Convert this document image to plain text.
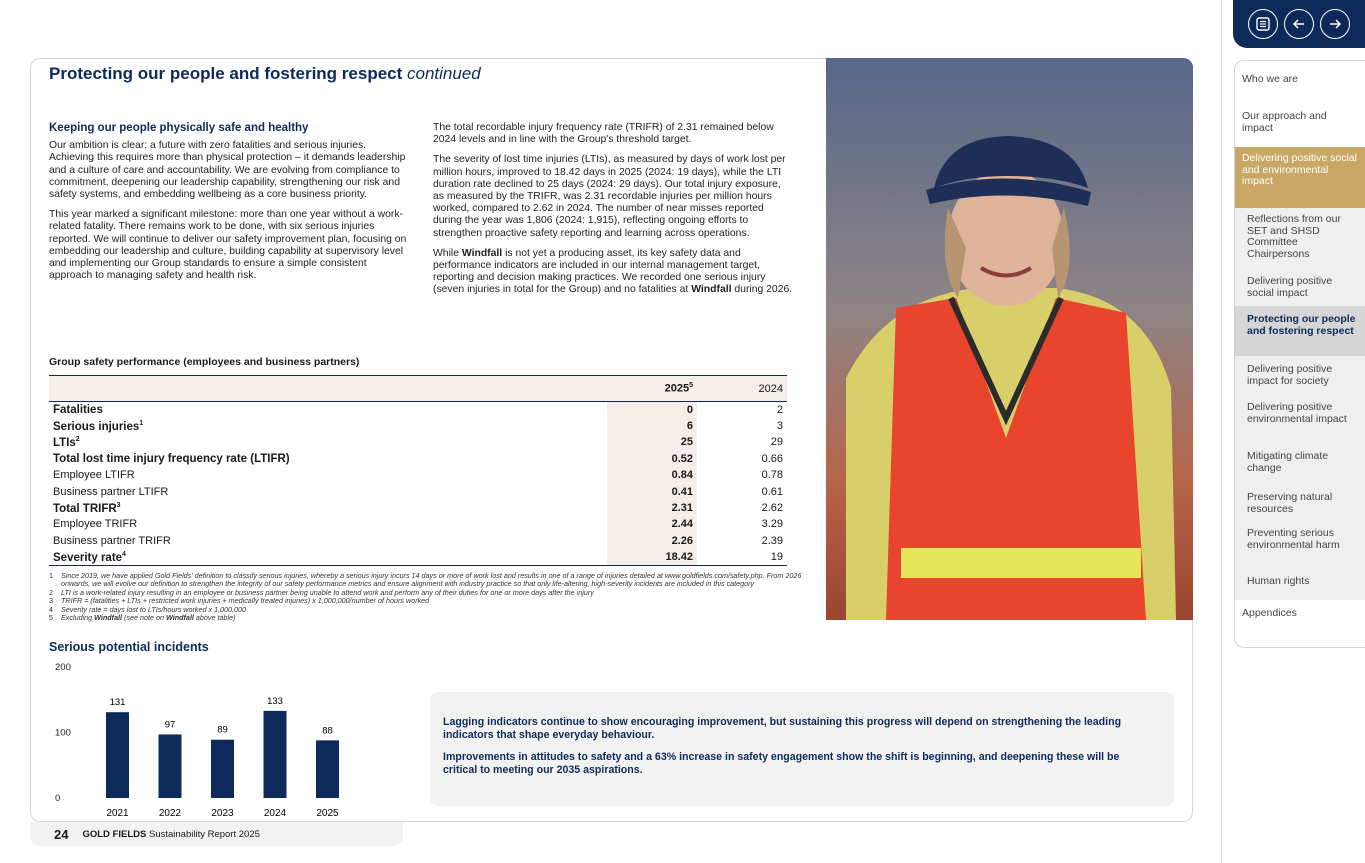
Protecting our people and fostering respect continued
Keeping our people physically safe and healthy

Our ambition is clear: a future with zero fatalities and serious injuries. Achieving this requires more than physical protection – it demands leadership and a culture of care and accountability. We are evolving from compliance to commitment, deepening our leadership capability, strengthening our risk and safety systems, and embedding wellbeing as a core business priority.

This year marked a significant milestone: more than one year without a work-related fatality. There remains work to be done, with six serious injuries reported. We will continue to deliver our safety improvement plan, focusing on embedding our leadership and culture, building capability at supervisory level and implementing our Group standards to ensure a simple consistent approach to managing safety and health risk.

The total recordable injury frequency rate (TRIFR) of 2.31 remained below 2024 levels and in line with the Group's threshold target.

The severity of lost time injuries (LTIs), as measured by days of work lost per million hours, improved to 18.42 days in 2025 (2024: 19 days), while the LTI duration rate declined to 25 days (2024: 29 days). Our total injury exposure, as measured by the TRIFR, was 2.31 recordable injuries per million hours worked, compared to 2.62 in 2024. The number of near misses reported during the year was 1,806 (2024: 1,915), reflecting ongoing efforts to strengthen proactive safety reporting and learning across operations.

While Windfall is not yet a producing asset, its key safety data and performance indicators are included in our internal management target, reporting and decision making practices. We recorded one serious injury (seven injuries in total for the Group) and no fatalities at Windfall during 2026.

Group safety performance (employees and business partners)
	2025$^5$	2024
Fatalities	0	2
Serious injuries$^1$	6	3
LTIs$^2$	25	29
Total lost time injury frequency rate (LTIFR)	0.52	0.66
Employee LTIFR	0.84	0.78
Business partner LTIFR	0.41	0.61
Total TRIFR$^3$	2.31	2.62
Employee TRIFR	2.44	3.29
Business partner TRIFR	2.26	2.39
Severity rate$^4$	18.42	19
1	Since 2019, we have applied Gold Fields' definition to classify serious injuries, whereby a serious injury incurs 14 days or more of work lost and results in one of a range of injuries detailed at www.goldfields.com/safety.php. From 2026 onwards, we will evolve our definition to strengthen the integrity of our safety performance metrics and ensure alignment with industry practice so that only life-altering, high-severity incidents are included in this category
2	LTI is a work-related injury resulting in an employee or business partner being unable to attend work and perform any of their duties for one or more days after the injury
3	TRIFR = (fatalities + LTIs + restricted work injuries + medically treated injuries) x 1,000,000/number of hours worked
4	Severity rate = days lost to LTIs/hours worked x 1,000,000
5	Excluding Windfall (see note on Windfall above table)
Serious potential incidents
200
100
0
131
2021
97
2022
89
2023
133
2024
88
2025

Lagging indicators continue to show encouraging improvement, but sustaining this progress will depend on strengthening the leading indicators that shape everyday behaviour.

Improvements in attitudes to safety and a 63% increase in safety engagement show the shift is beginning, and deepening these will be critical to meeting our 2035 aspirations.

24 GOLD FIELDS Sustainability Report 2025
Who we are
Our approach and impact
Delivering positive social and environmental impact
Reflections from our SET and SHSD Committee Chairpersons
Delivering positive social impact
Protecting our people and fostering respect
Delivering positive impact for society
Delivering positive environmental impact
Mitigating climate change
Preserving natural resources
Preventing serious environmental harm
Human rights
Appendices
